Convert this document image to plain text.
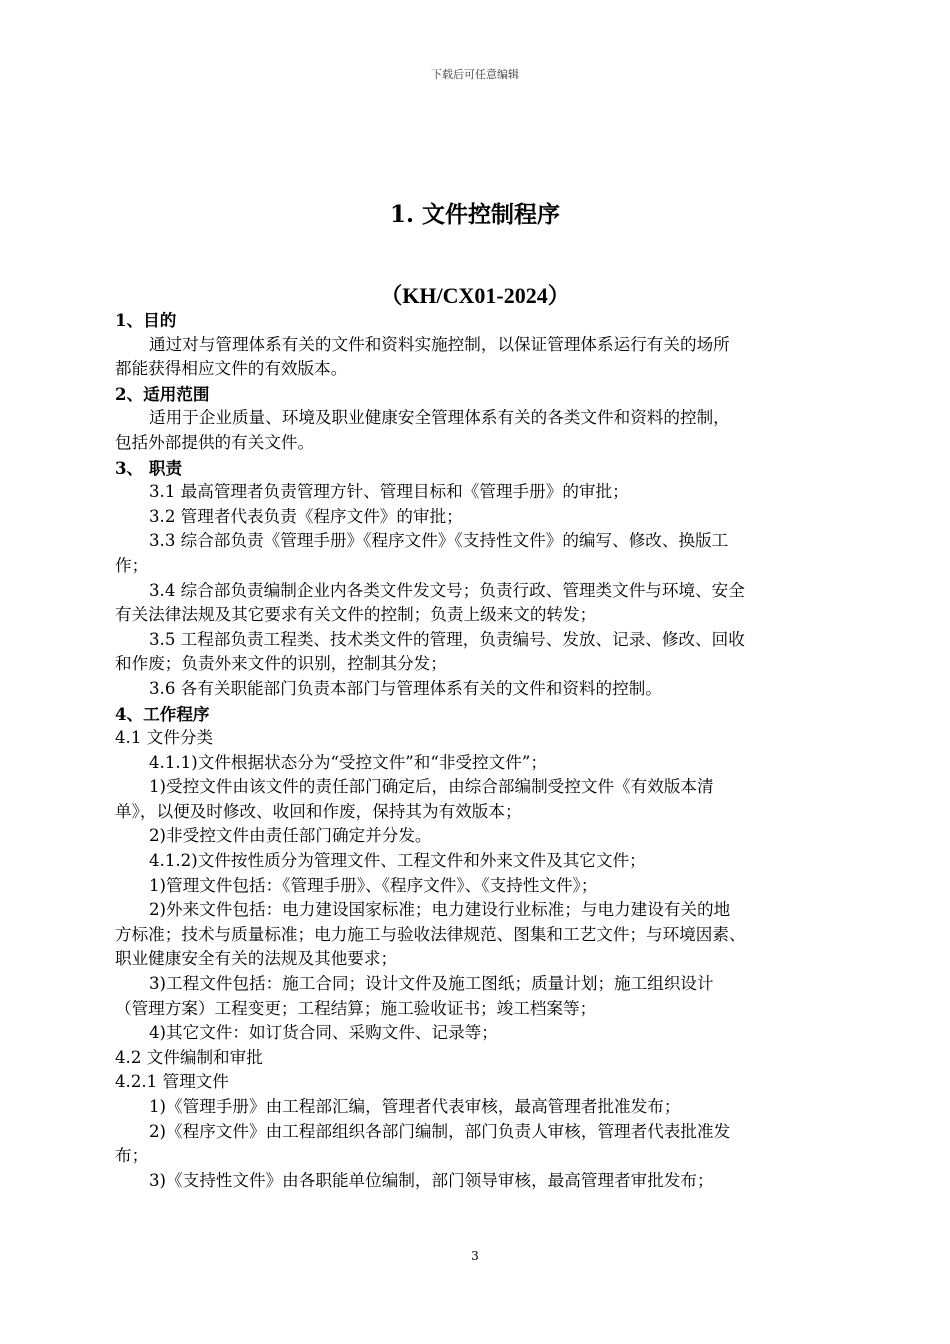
下载后可任意编辑
1. 文件控制程序
（KH/CX01-2024）
1、目的
通过对与管理体系有关的文件和资料实施控制，以保证管理体系运行有关的场所
都能获得相应文件的有效版本。
2、适用范围
适用于企业质量、环境及职业健康安全管理体系有关的各类文件和资料的控制，
包括外部提供的有关文件。
3、 职责
3.1 最高管理者负责管理方针、管理目标和《管理手册》的审批；
3.2 管理者代表负责《程序文件》的审批；
3.3 综合部负责《管理手册》《程序文件》《支持性文件》的编写、修改、换版工
作；
3.4 综合部负责编制企业内各类文件发文号；负责行政、管理类文件与环境、安全
有关法律法规及其它要求有关文件的控制；负责上级来文的转发；
3.5 工程部负责工程类、技术类文件的管理，负责编号、发放、记录、修改、回收
和作废；负责外来文件的识别，控制其分发；
3.6 各有关职能部门负责本部门与管理体系有关的文件和资料的控制。
4、工作程序
4.1 文件分类
4.1.1)文件根据状态分为“受控文件”和“非受控文件”；
1)受控文件由该文件的责任部门确定后，由综合部编制受控文件《有效版本清
单》，以便及时修改、收回和作废，保持其为有效版本；
2)非受控文件由责任部门确定并分发。
4.1.2)文件按性质分为管理文件、工程文件和外来文件及其它文件；
1)管理文件包括：《管理手册》、《程序文件》、《支持性文件》；
2)外来文件包括：电力建设国家标准；电力建设行业标准；与电力建设有关的地
方标准；技术与质量标准；电力施工与验收法律规范、图集和工艺文件；与环境因素、
职业健康安全有关的法规及其他要求；
3)工程文件包括：施工合同；设计文件及施工图纸；质量计划；施工组织设计
（管理方案）工程变更；工程结算；施工验收证书；竣工档案等；
4)其它文件：如订货合同、采购文件、记录等；
4.2 文件编制和审批
4.2.1 管理文件
1)《管理手册》由工程部汇编，管理者代表审核，最高管理者批准发布；
2)《程序文件》由工程部组织各部门编制，部门负责人审核，管理者代表批准发
布；
3)《支持性文件》由各职能单位编制，部门领导审核，最高管理者审批发布；
3
